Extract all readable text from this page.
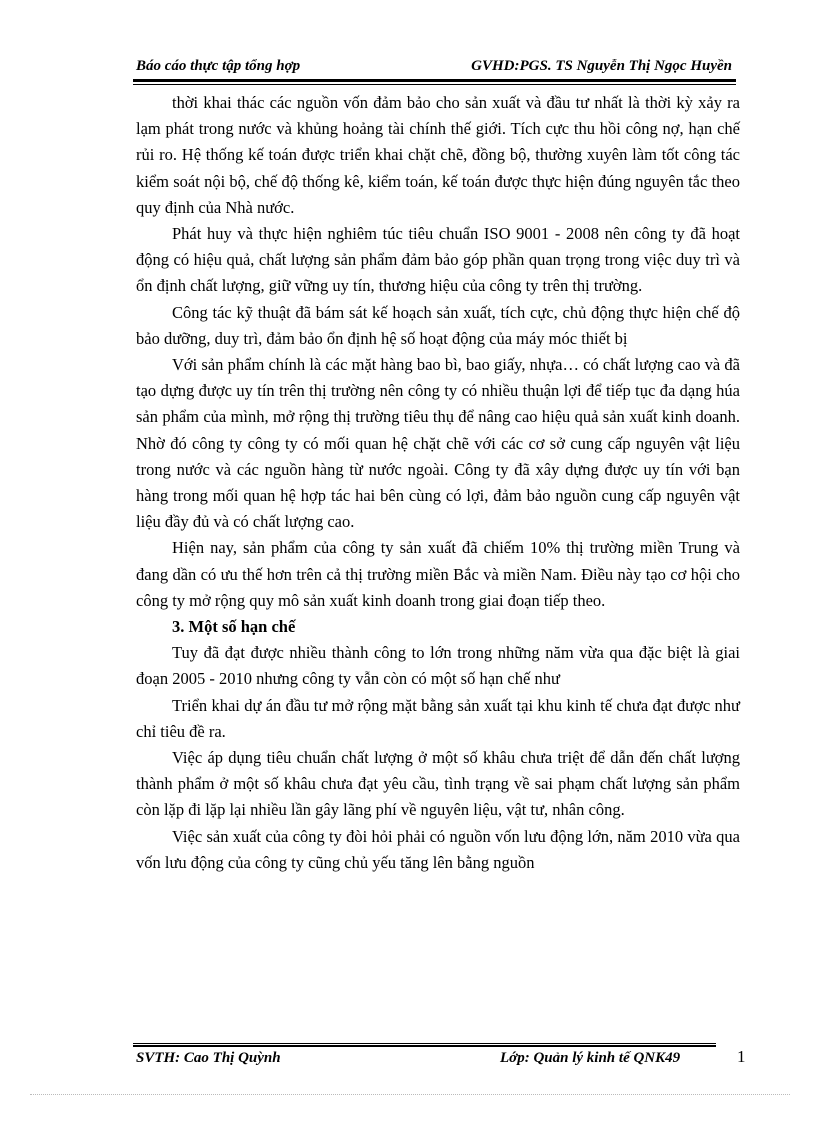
Báo cáo thực tập tổng hợp	GVHD:PGS. TS Nguyễn Thị Ngọc Huyền

thời khai thác các nguồn vốn đảm bảo cho sản xuất và đầu tư nhất là thời kỳ xảy ra lạm phát trong nước và khủng hoảng tài chính thế giới. Tích cực thu hồi công nợ, hạn chế rủi ro. Hệ thống kế toán được triển khai chặt chẽ, đồng bộ, thường xuyên làm tốt công tác kiểm soát nội bộ, chế độ thống kê, kiểm toán, kế toán được thực hiện đúng nguyên tắc theo quy định của Nhà nước.

Phát huy và thực hiện nghiêm túc tiêu chuẩn ISO 9001 - 2008 nên công ty đã hoạt động có hiệu quả, chất lượng sản phẩm đảm bảo góp phần quan trọng trong việc duy trì và ổn định chất lượng, giữ vững uy tín, thương hiệu của công ty trên thị trường.

Công tác kỹ thuật đã bám sát kế hoạch sản xuất, tích cực, chủ động thực hiện chế độ bảo dưỡng, duy trì, đảm bảo ổn định hệ số hoạt động của máy móc thiết bị

Với sản phẩm chính là các mặt hàng bao bì, bao giấy, nhựa… có chất lượng cao và đã tạo dựng được uy tín trên thị trường nên công ty có nhiều thuận lợi để tiếp tục đa dạng húa sản phẩm của mình, mở rộng thị trường tiêu thụ để nâng cao hiệu quả sản xuất kinh doanh. Nhờ đó công ty công ty có mối quan hệ chặt chẽ với các cơ sở cung cấp nguyên vật liệu trong nước và các nguồn hàng từ nước ngoài. Công ty đã xây dựng được uy tín với bạn hàng trong mối quan hệ hợp tác hai bên cùng có lợi, đảm bảo nguồn cung cấp nguyên vật liệu đầy đủ và có chất lượng cao.

Hiện nay, sản phẩm của công ty sản xuất đã chiếm 10% thị trường miền Trung và đang dần có ưu thế hơn trên cả thị trường miền Bắc và miền Nam. Điều này tạo cơ hội cho công ty mở rộng quy mô sản xuất kinh doanh trong giai đoạn tiếp theo.

3. Một số hạn chế

Tuy đã đạt được nhiều thành công to lớn trong những năm vừa qua đặc biệt là giai đoạn 2005 - 2010 nhưng công ty vẫn còn có một số hạn chế như

Triển khai dự án đầu tư mở rộng mặt bằng sản xuất tại khu kinh tế chưa đạt được như chỉ tiêu đề ra.

Việc áp dụng tiêu chuẩn chất lượng ở một số khâu chưa triệt để dẫn đến chất lượng thành phẩm ở một số khâu chưa đạt yêu cầu, tình trạng về sai phạm chất lượng sản phẩm còn lặp đi lặp lại nhiều lần gây lãng phí về nguyên liệu, vật tư, nhân công.

Việc sản xuất của công ty đòi hỏi phải có nguồn vốn lưu động lớn, năm 2010 vừa qua vốn lưu động của công ty cũng chủ yếu tăng lên bằng nguồn

SVTH: Cao Thị Quỳnh	Lớp: Quản lý kinh tế QNK49	1
